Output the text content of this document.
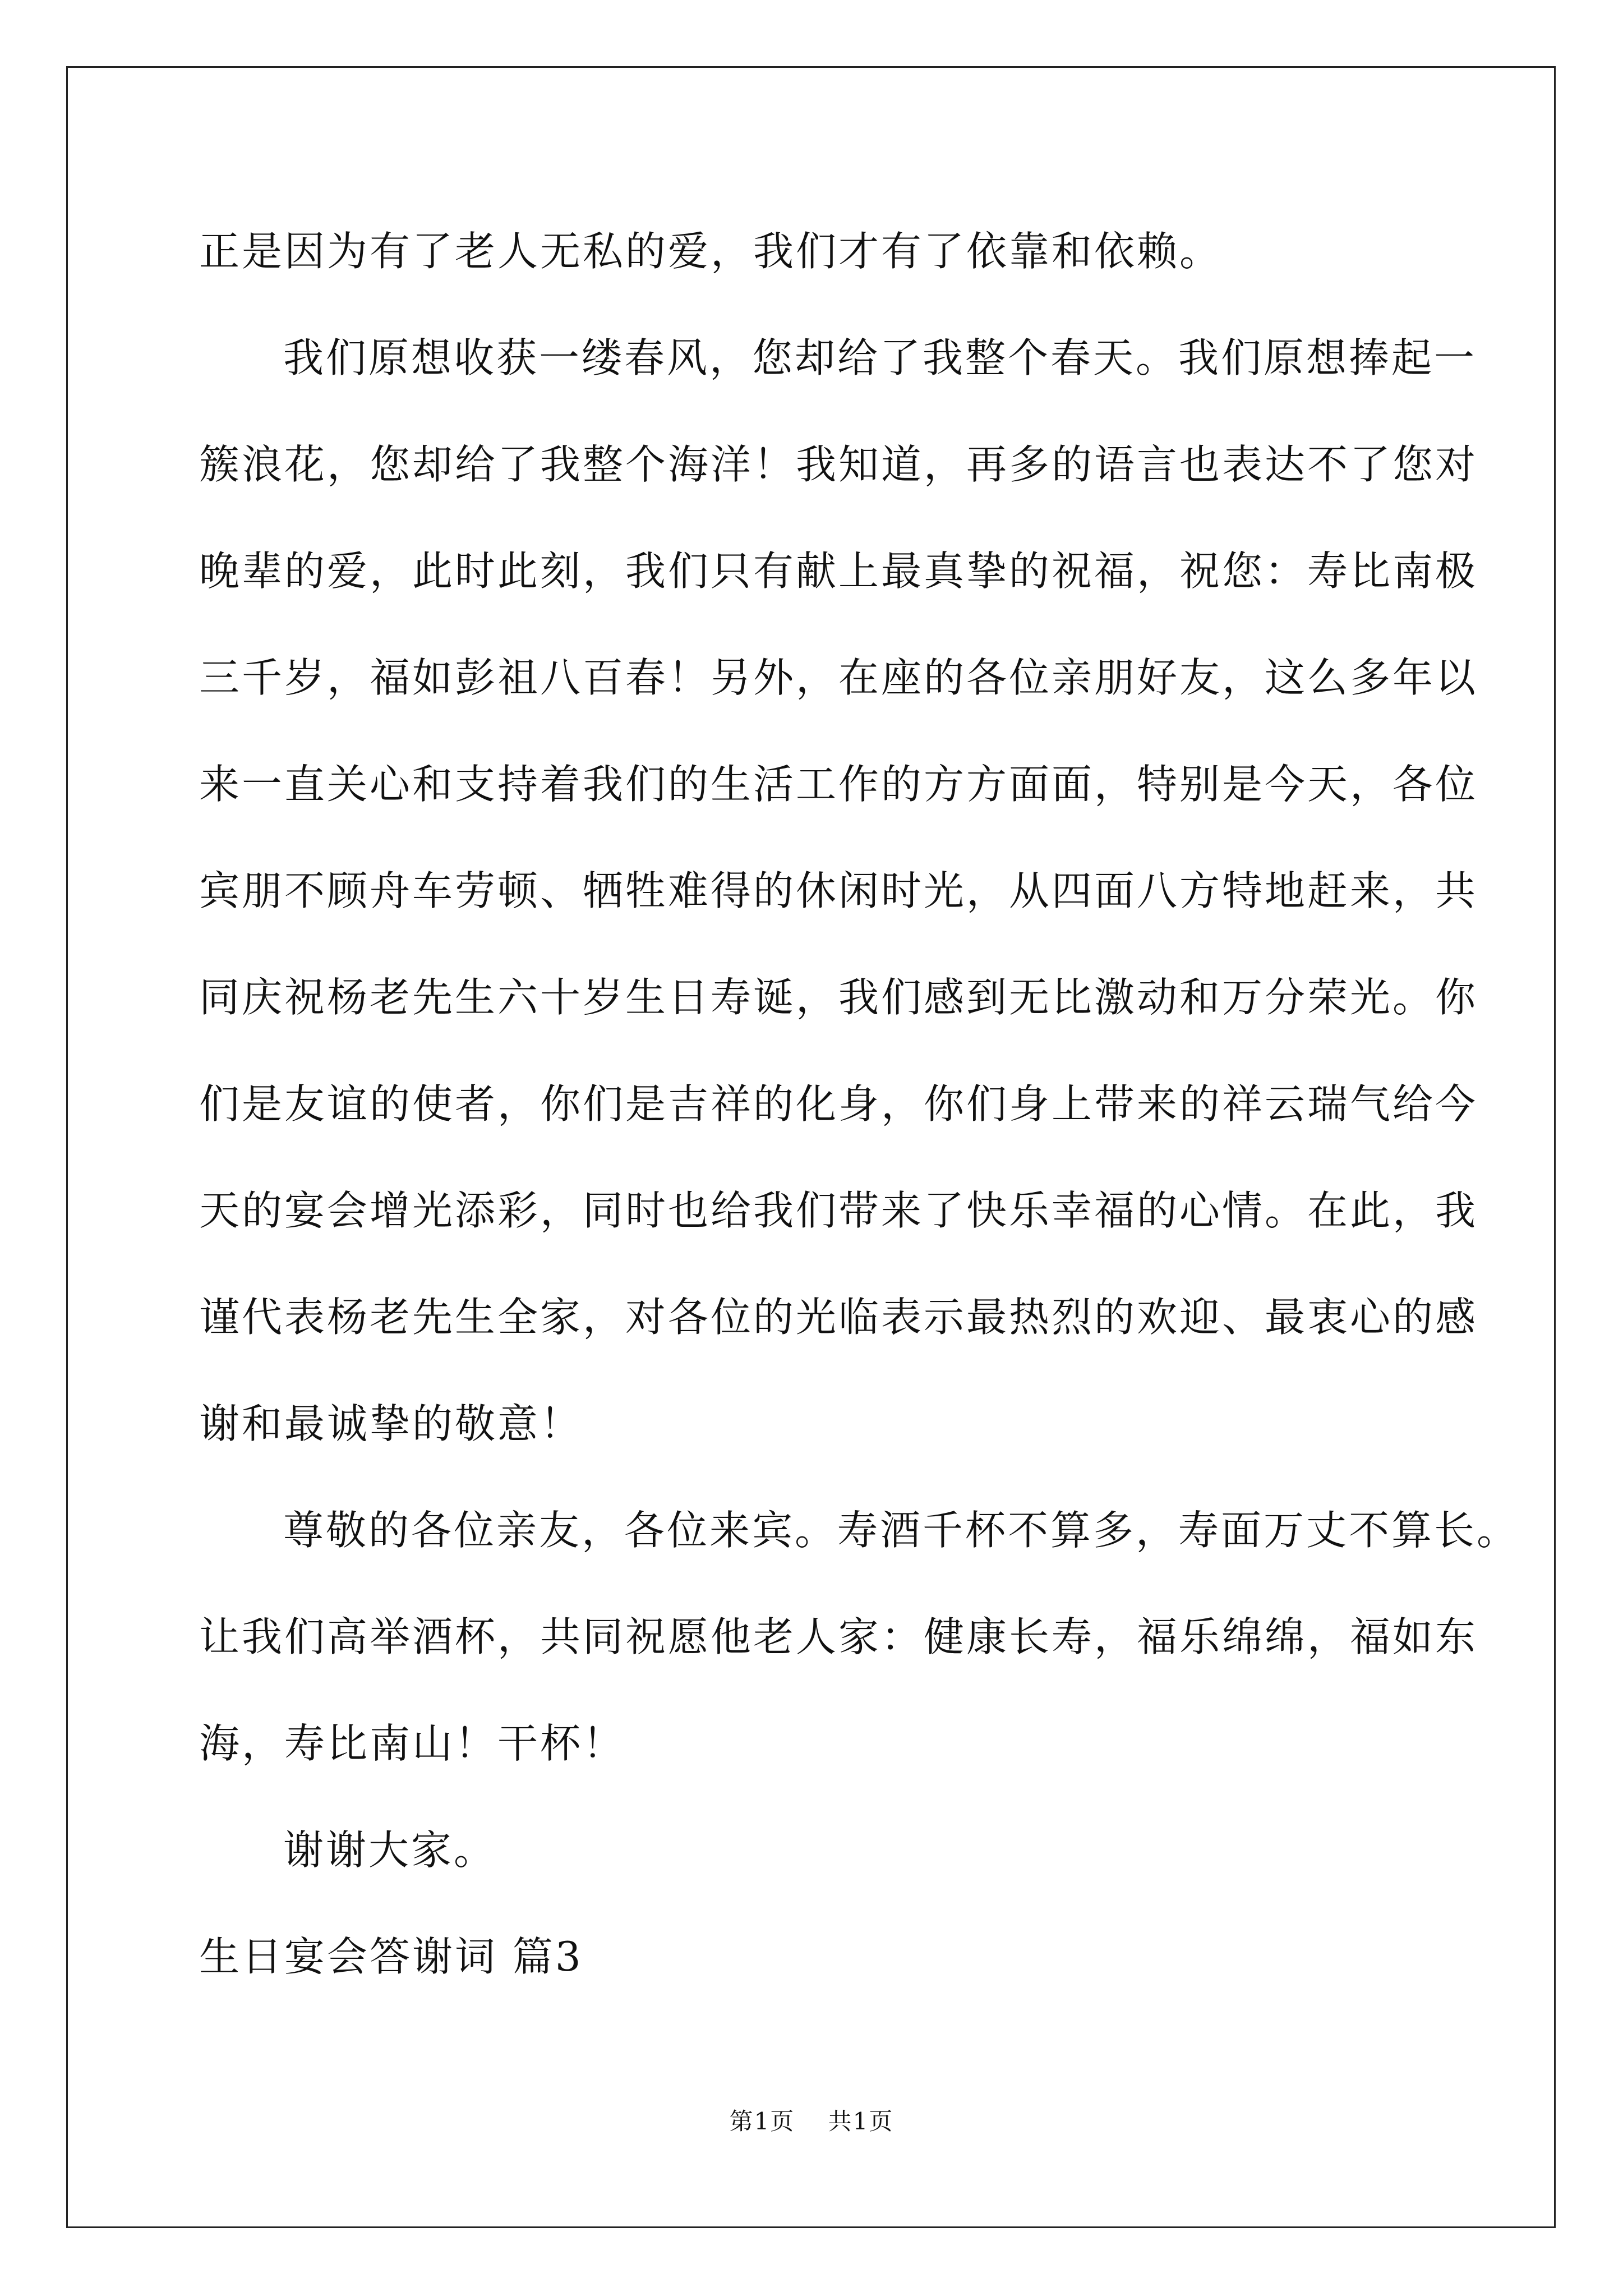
正是因为有了老人无私的爱，我们才有了依靠和依赖。
我们原想收获一缕春风，您却给了我整个春天。我们原想捧起一
簇浪花，您却给了我整个海洋！我知道，再多的语言也表达不了您对
晚辈的爱，此时此刻，我们只有献上最真挚的祝福，祝您：寿比南极
三千岁，福如彭祖八百春！另外，在座的各位亲朋好友，这么多年以
来一直关心和支持着我们的生活工作的方方面面，特别是今天，各位
宾朋不顾舟车劳顿、牺牲难得的休闲时光，从四面八方特地赶来，共
同庆祝杨老先生六十岁生日寿诞，我们感到无比激动和万分荣光。你
们是友谊的使者，你们是吉祥的化身，你们身上带来的祥云瑞气给今
天的宴会增光添彩，同时也给我们带来了快乐幸福的心情。在此，我
谨代表杨老先生全家，对各位的光临表示最热烈的欢迎、最衷心的感
谢和最诚挚的敬意！
尊敬的各位亲友，各位来宾。寿酒千杯不算多，寿面万丈不算长。
让我们高举酒杯，共同祝愿他老人家：健康长寿，福乐绵绵，福如东
海，寿比南山！干杯！
谢谢大家。
生日宴会答谢词 篇3
第1页 共1页
